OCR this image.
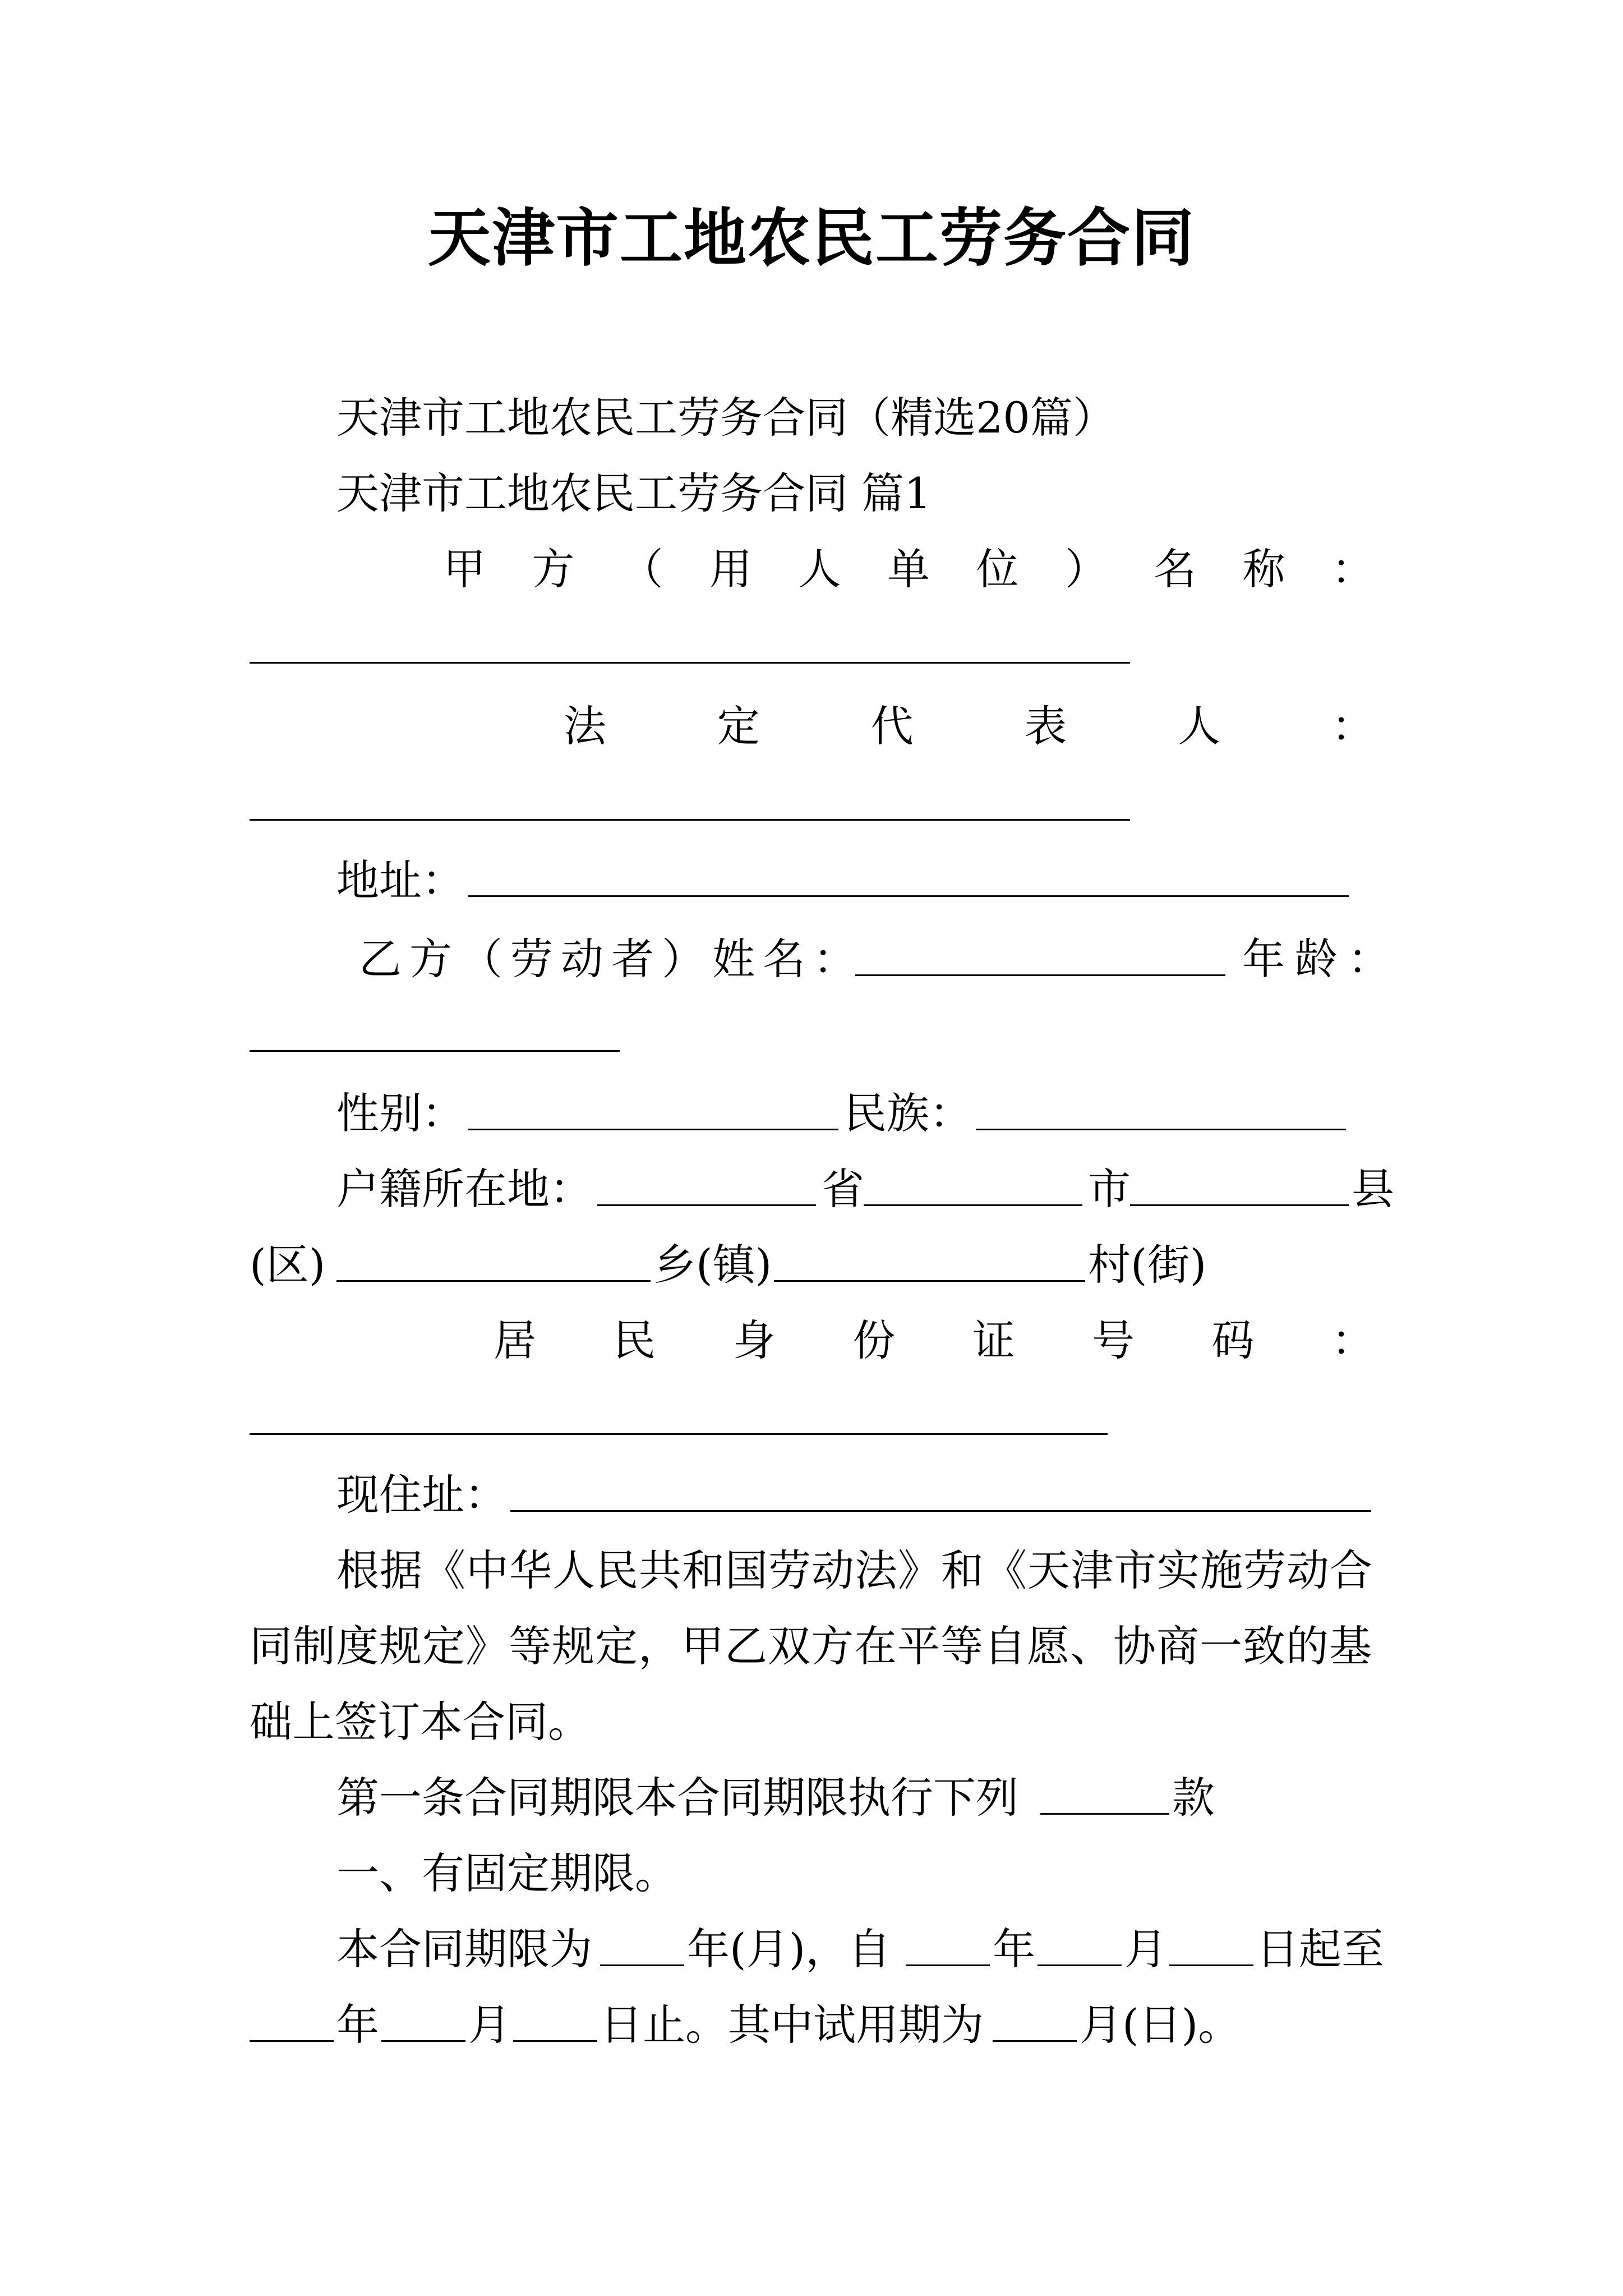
天津市工地农民工劳务合同
天津市工地农民工劳务合同（精选20篇）
天津市工地农民工劳务合同 篇1
甲 方 （ 用 人 单 位 ） 名 称 ：
法	定	代	表	人	：
地址：
乙方（劳动者）姓名：	年龄：
性别：	民族：
户籍所在地：	省	市	县
(区)	乡(镇)	村(街)
居 民 身 份 证 号 码 ：
现住址：
根据《中华人民共和国劳动法》和《天津市实施劳动合
同制度规定》等规定，甲乙双方在平等自愿、协商一致的基
础上签订本合同。
第一条合同期限本合同期限执行下列	款
一、有固定期限。
本合同期限为 年(月)，自 年 月 日起至
年 月 日止。其中试用期为 月(日)。
